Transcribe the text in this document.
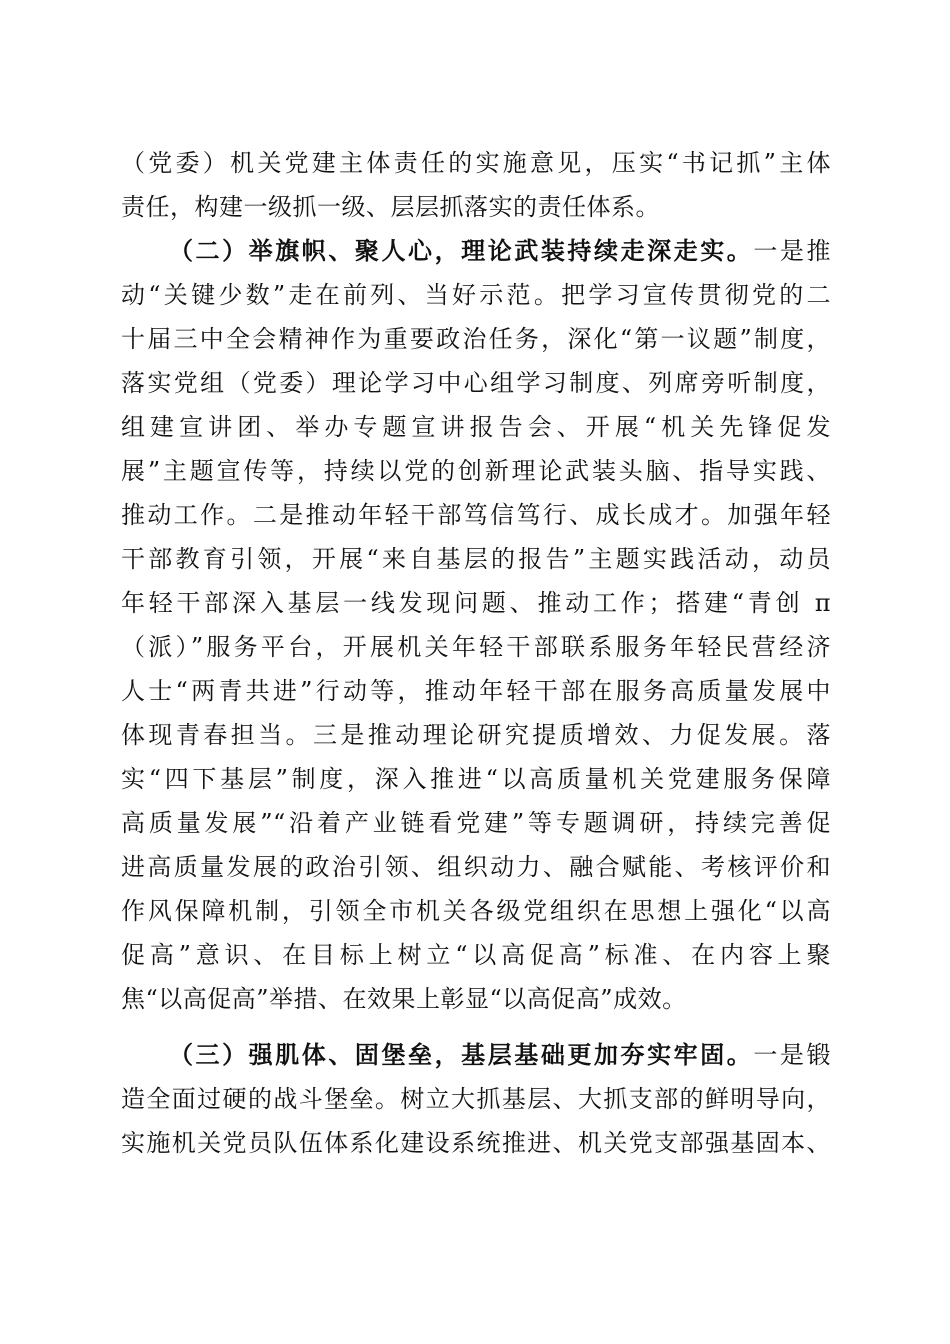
（党委）机关党建主体责任的实施意见，压实“书记抓”主体
责任，构建一级抓一级、层层抓落实的责任体系。
（二）举旗帜、聚人心，理论武装持续走深走实。一是推
动“关键少数”走在前列、当好示范。把学习宣传贯彻党的二
十届三中全会精神作为重要政治任务，深化“第一议题”制度，
落实党组（党委）理论学习中心组学习制度、列席旁听制度，
组建宣讲团、举办专题宣讲报告会、开展“机关先锋促发
展”主题宣传等，持续以党的创新理论武装头脑、指导实践、
推动工作。二是推动年轻干部笃信笃行、成长成才。加强年轻
干部教育引领，开展“来自基层的报告”主题实践活动，动员
年轻干部深入基层一线发现问题、推动工作；搭建“青创 π
（派）”服务平台，开展机关年轻干部联系服务年轻民营经济
人士“两青共进”行动等，推动年轻干部在服务高质量发展中
体现青春担当。三是推动理论研究提质增效、力促发展。落
实“四下基层”制度，深入推进“以高质量机关党建服务保障
高质量发展”“沿着产业链看党建”等专题调研，持续完善促
进高质量发展的政治引领、组织动力、融合赋能、考核评价和
作风保障机制，引领全市机关各级党组织在思想上强化“以高
促高”意识、在目标上树立“以高促高”标准、在内容上聚
焦“以高促高”举措、在效果上彰显“以高促高”成效。
（三）强肌体、固堡垒，基层基础更加夯实牢固。一是锻
造全面过硬的战斗堡垒。树立大抓基层、大抓支部的鲜明导向，
实施机关党员队伍体系化建设系统推进、机关党支部强基固本、
